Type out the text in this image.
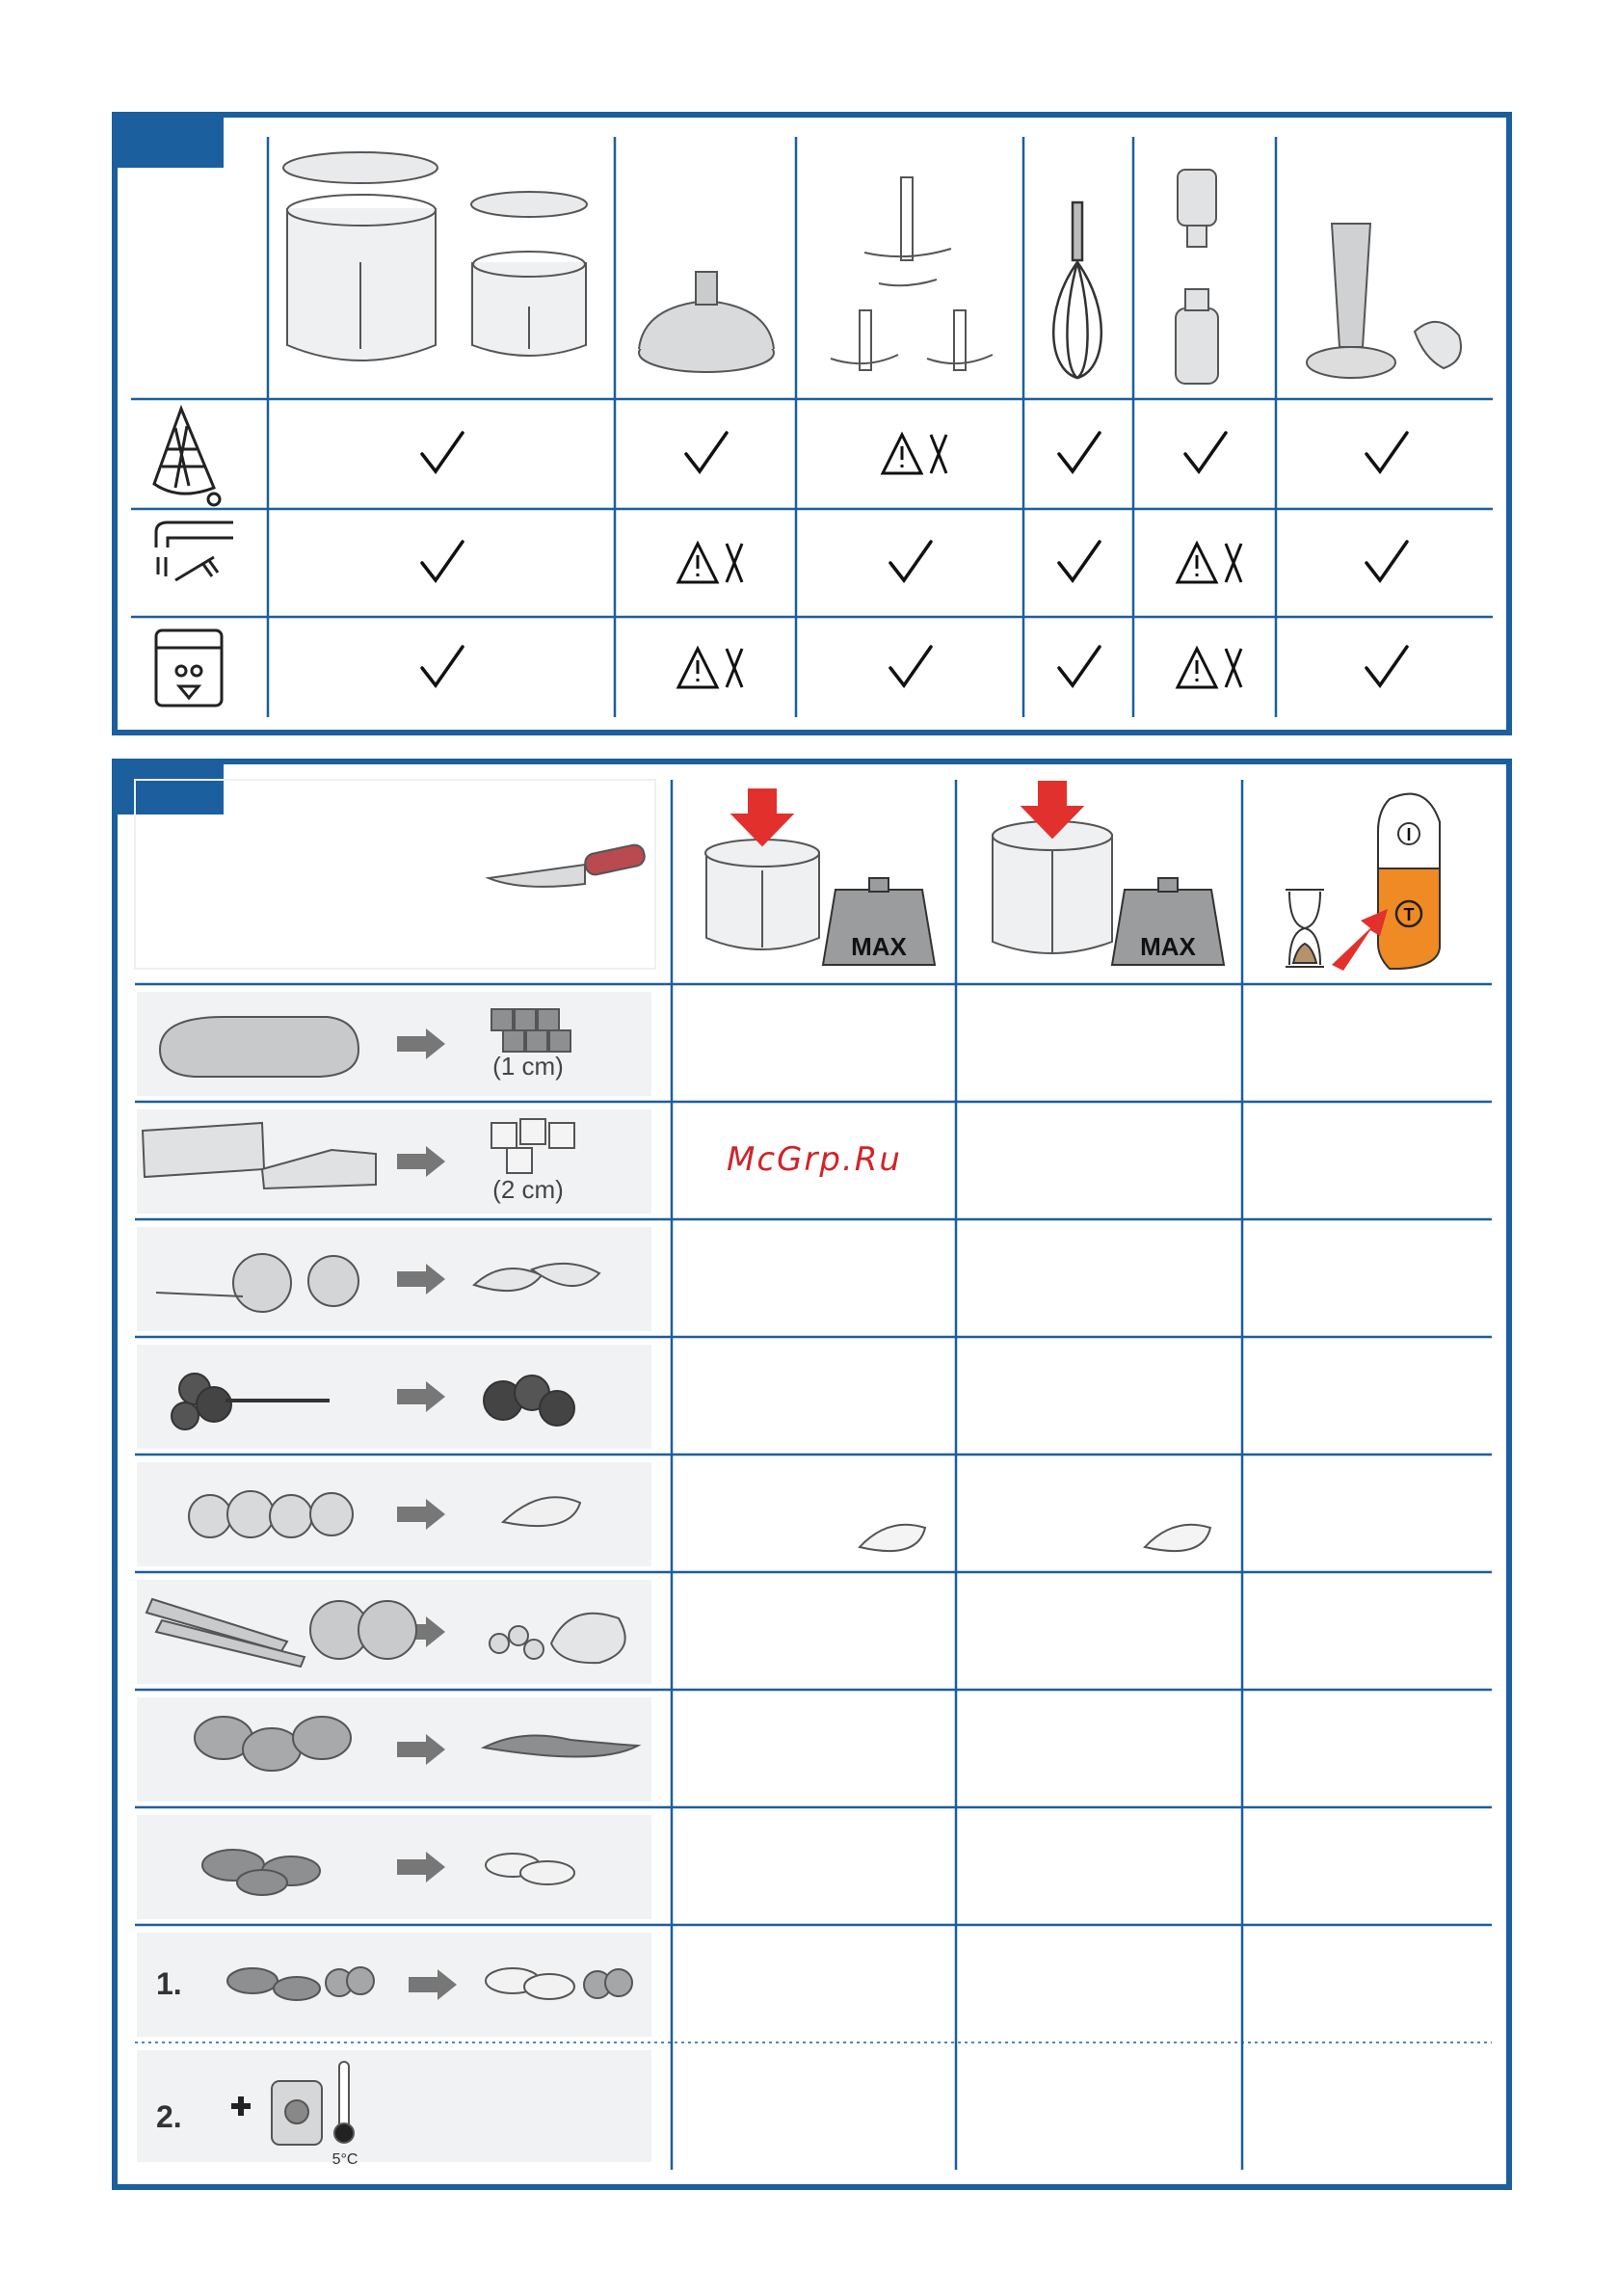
MAX	MAX
I
T
1.
2.
5°C
(1 cm)
(2 cm)
McGrp.Ru
